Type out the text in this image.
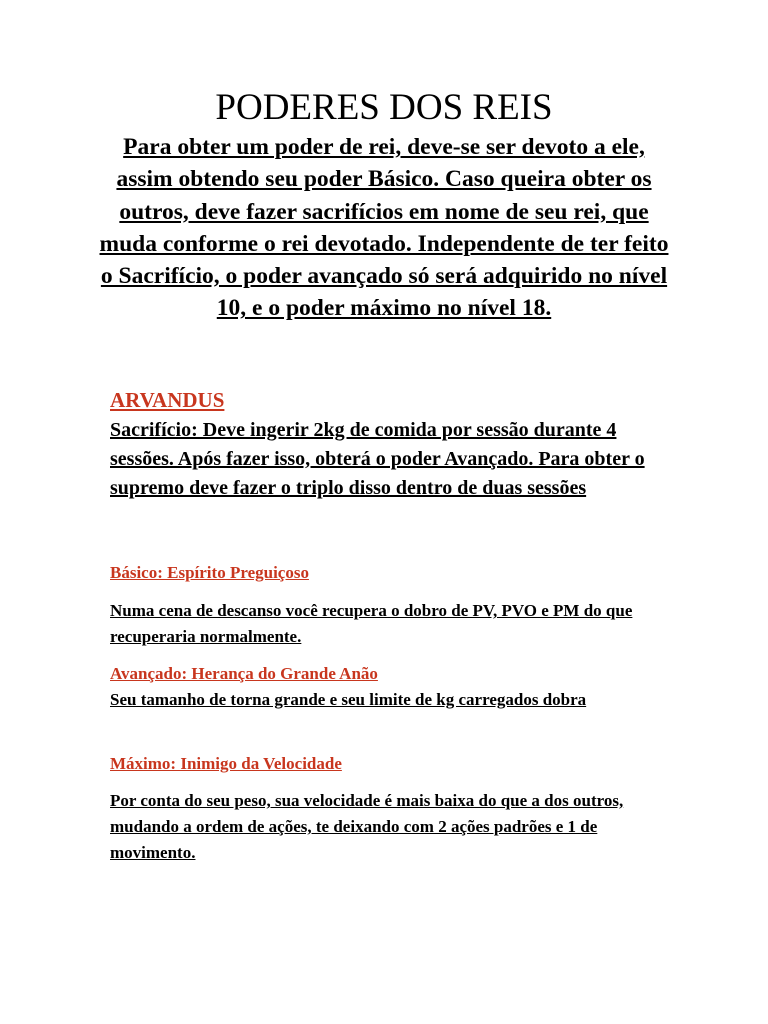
PODERES DOS REIS

Para obter um poder de rei, deve-se ser devoto a ele, assim obtendo seu poder Básico. Caso queira obter os outros, deve fazer sacrifícios em nome de seu rei, que muda conforme o rei devotado. Independente de ter feito o Sacrifício, o poder avançado só será adquirido no nível 10, e o poder máximo no nível 18.

ARVANDUS

Sacrifício: Deve ingerir 2kg de comida por sessão durante 4 sessões. Após fazer isso, obterá o poder Avançado. Para obter o supremo deve fazer o triplo disso dentro de duas sessões

Básico: Espírito Preguiçoso

Numa cena de descanso você recupera o dobro de PV, PVO e PM do que recuperaria normalmente.

Avançado: Herança do Grande Anão

Seu tamanho de torna grande e seu limite de kg carregados dobra

Máximo: Inimigo da Velocidade

Por conta do seu peso, sua velocidade é mais baixa do que a dos outros, mudando a ordem de ações, te deixando com 2 ações padrões e 1 de movimento.
